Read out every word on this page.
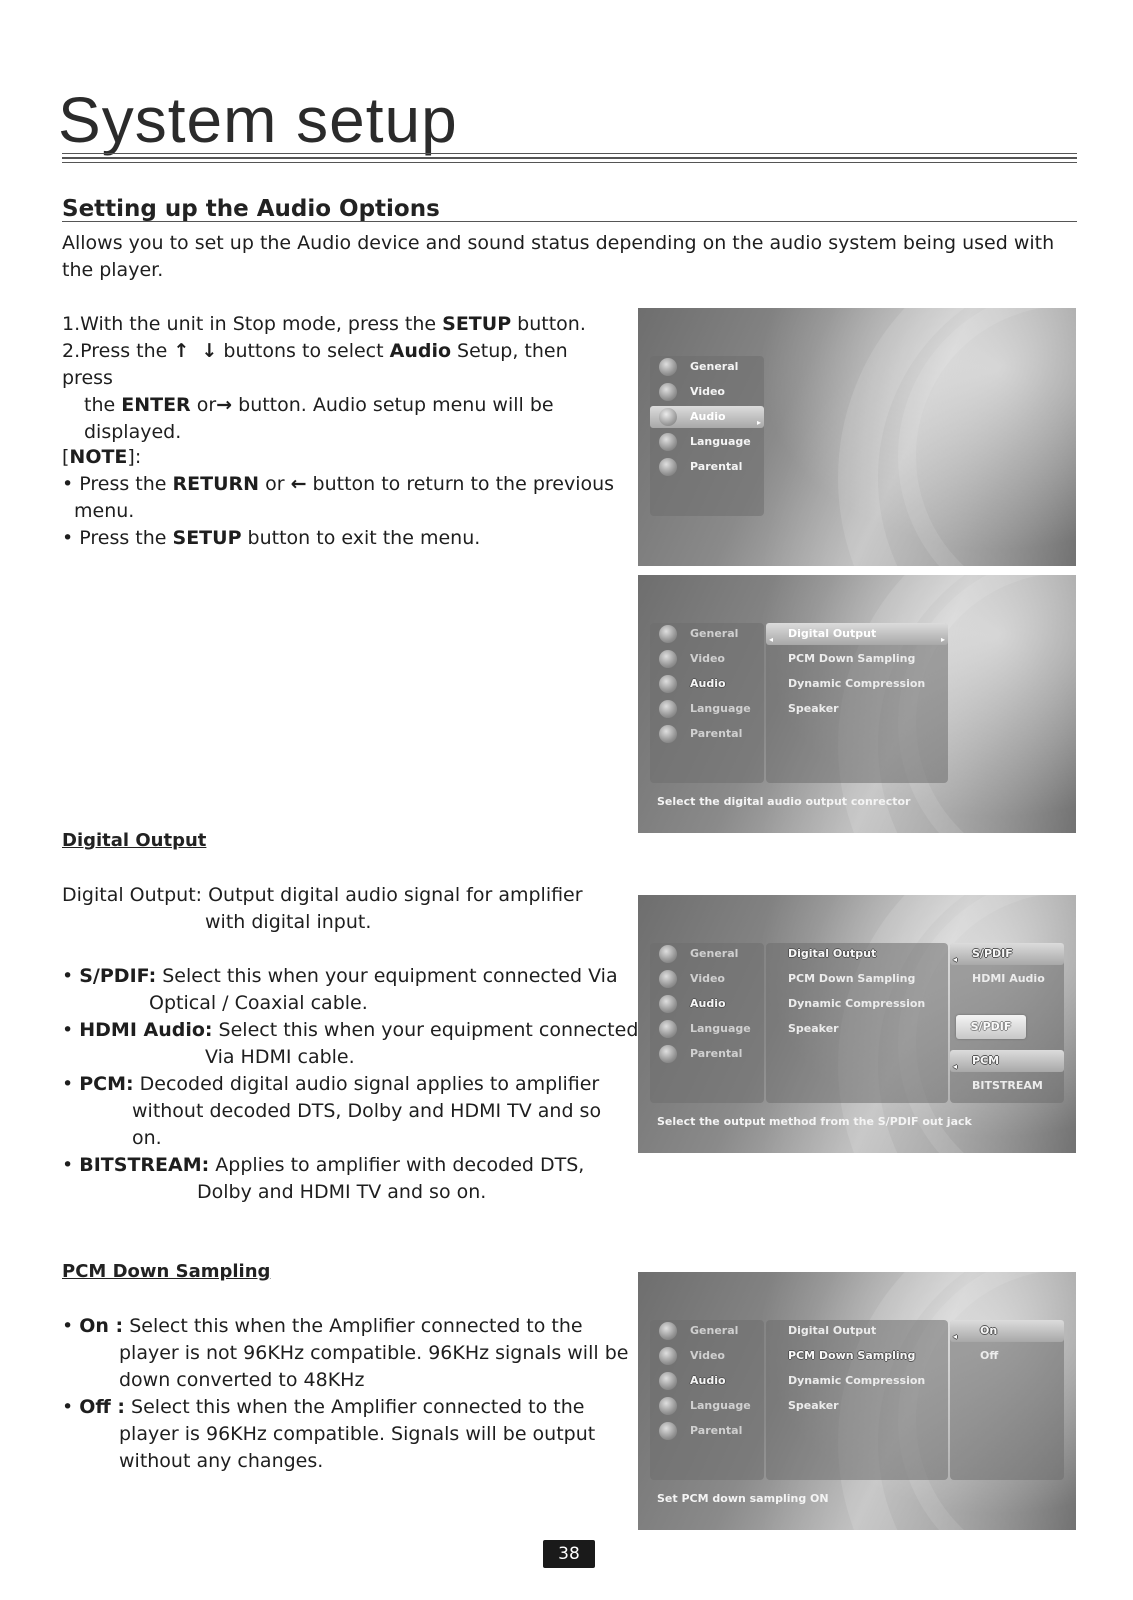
System setup
Setting up the Audio Options
Allows you to set up the Audio device and sound status depending on the audio system being used with the player.
1.With the unit in Stop mode, press the SETUP button.
2.Press the ↑ ↓ buttons to select Audio Setup, then press
the ENTER or→ button. Audio setup menu will be
displayed.
[NOTE]:
• Press the RETURN or ← button to return to the previous
menu.
• Press the SETUP button to exit the menu.
Digital Output
Digital Output: Output digital audio signal for amplifier
with digital input.
• S/PDIF: Select this when your equipment connected Via
Optical / Coaxial cable.
• HDMI Audio: Select this when your equipment connected
Via HDMI cable.
• PCM: Decoded digital audio signal applies to amplifier
without decoded DTS, Dolby and HDMI TV and so
on.
• BITSTREAM: Applies to amplifier with decoded DTS,
Dolby and HDMI TV and so on.
PCM Down Sampling
• On : Select this when the Amplifier connected to the
player is not 96KHz compatible. 96KHz signals will be
down converted to 48KHz
• Off : Select this when the Amplifier connected to the
player is 96KHz compatible. Signals will be output
without any changes.
General
Video
Audio	▸
Language
Parental
General
Video
Audio
Language
Parental
◂ Digital Output	▸
PCM Down Sampling
Dynamic Compression
Speaker
Select the digital audio output conrector
General
Video
Audio
Language
Parental
Digital Output
PCM Down Sampling
Dynamic Compression
Speaker
◂ S/PDIF
HDMI Audio
S/PDIF
◂ PCM
BITSTREAM
Select the output method from the S/PDIF out jack
General
Video
Audio
Language
Parental
Digital Output
PCM Down Sampling
Dynamic Compression
Speaker
◂ On
Off
Set PCM down sampling ON
38
